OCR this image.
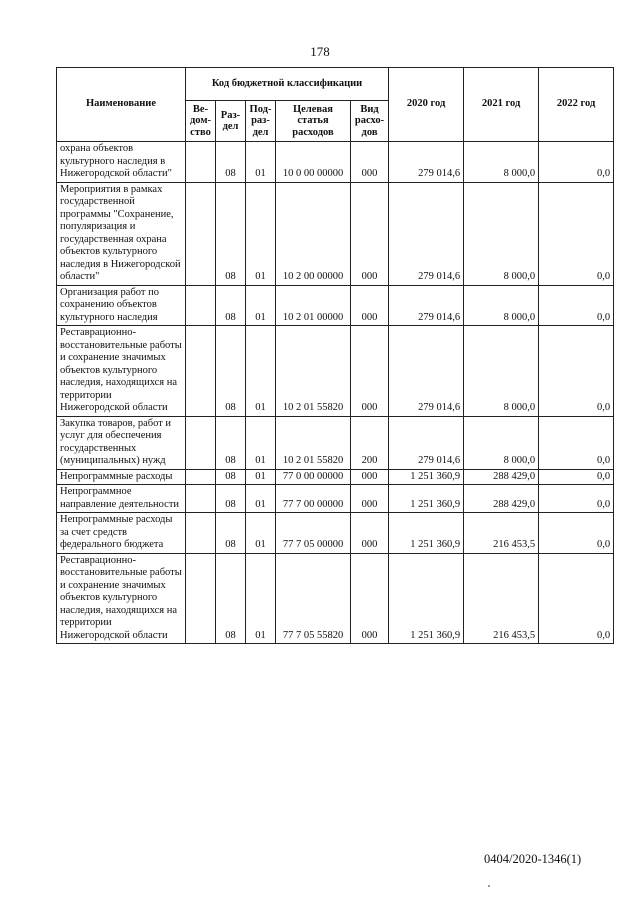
178
Наименование	Код бюджетной классификации					2020 год	2021 год	2022 год
	Ве-
дом-
ство	Раз-
дел	Под-
раз-
дел	Целевая
статья
расходов	Вид
расхо-
дов			
охрана объектов культурного наследия в Нижегородской области"		08	01	10 0 00 00000	000	279 014,6	8 000,0	0,0
Мероприятия в рамках государственной программы "Сохранение, популяризация и государственная охрана объектов культурного наследия в Нижегородской области"		08	01	10 2 00 00000	000	279 014,6	8 000,0	0,0
Организация работ по сохранению объектов культурного наследия		08	01	10 2 01 00000	000	279 014,6	8 000,0	0,0
Реставрационно-восстановительные работы и сохранение значимых объектов культурного наследия, находящихся на территории Нижегородской области		08	01	10 2 01 55820	000	279 014,6	8 000,0	0,0
Закупка товаров, работ и услуг для обеспечения государственных (муниципальных) нужд		08	01	10 2 01 55820	200	279 014,6	8 000,0	0,0
Непрограммные расходы		08	01	77 0 00 00000	000	1 251 360,9	288 429,0	0,0
Непрограммное направление деятельности		08	01	77 7 00 00000	000	1 251 360,9	288 429,0	0,0
Непрограммные расходы за счет средств федерального бюджета		08	01	77 7 05 00000	000	1 251 360,9	216 453,5	0,0
Реставрационно-восстановительные работы и сохранение значимых объектов культурного наследия, находящихся на территории Нижегородской области		08	01	77 7 05 55820	000	1 251 360,9	216 453,5	0,0
0404/2020-1346(1)
